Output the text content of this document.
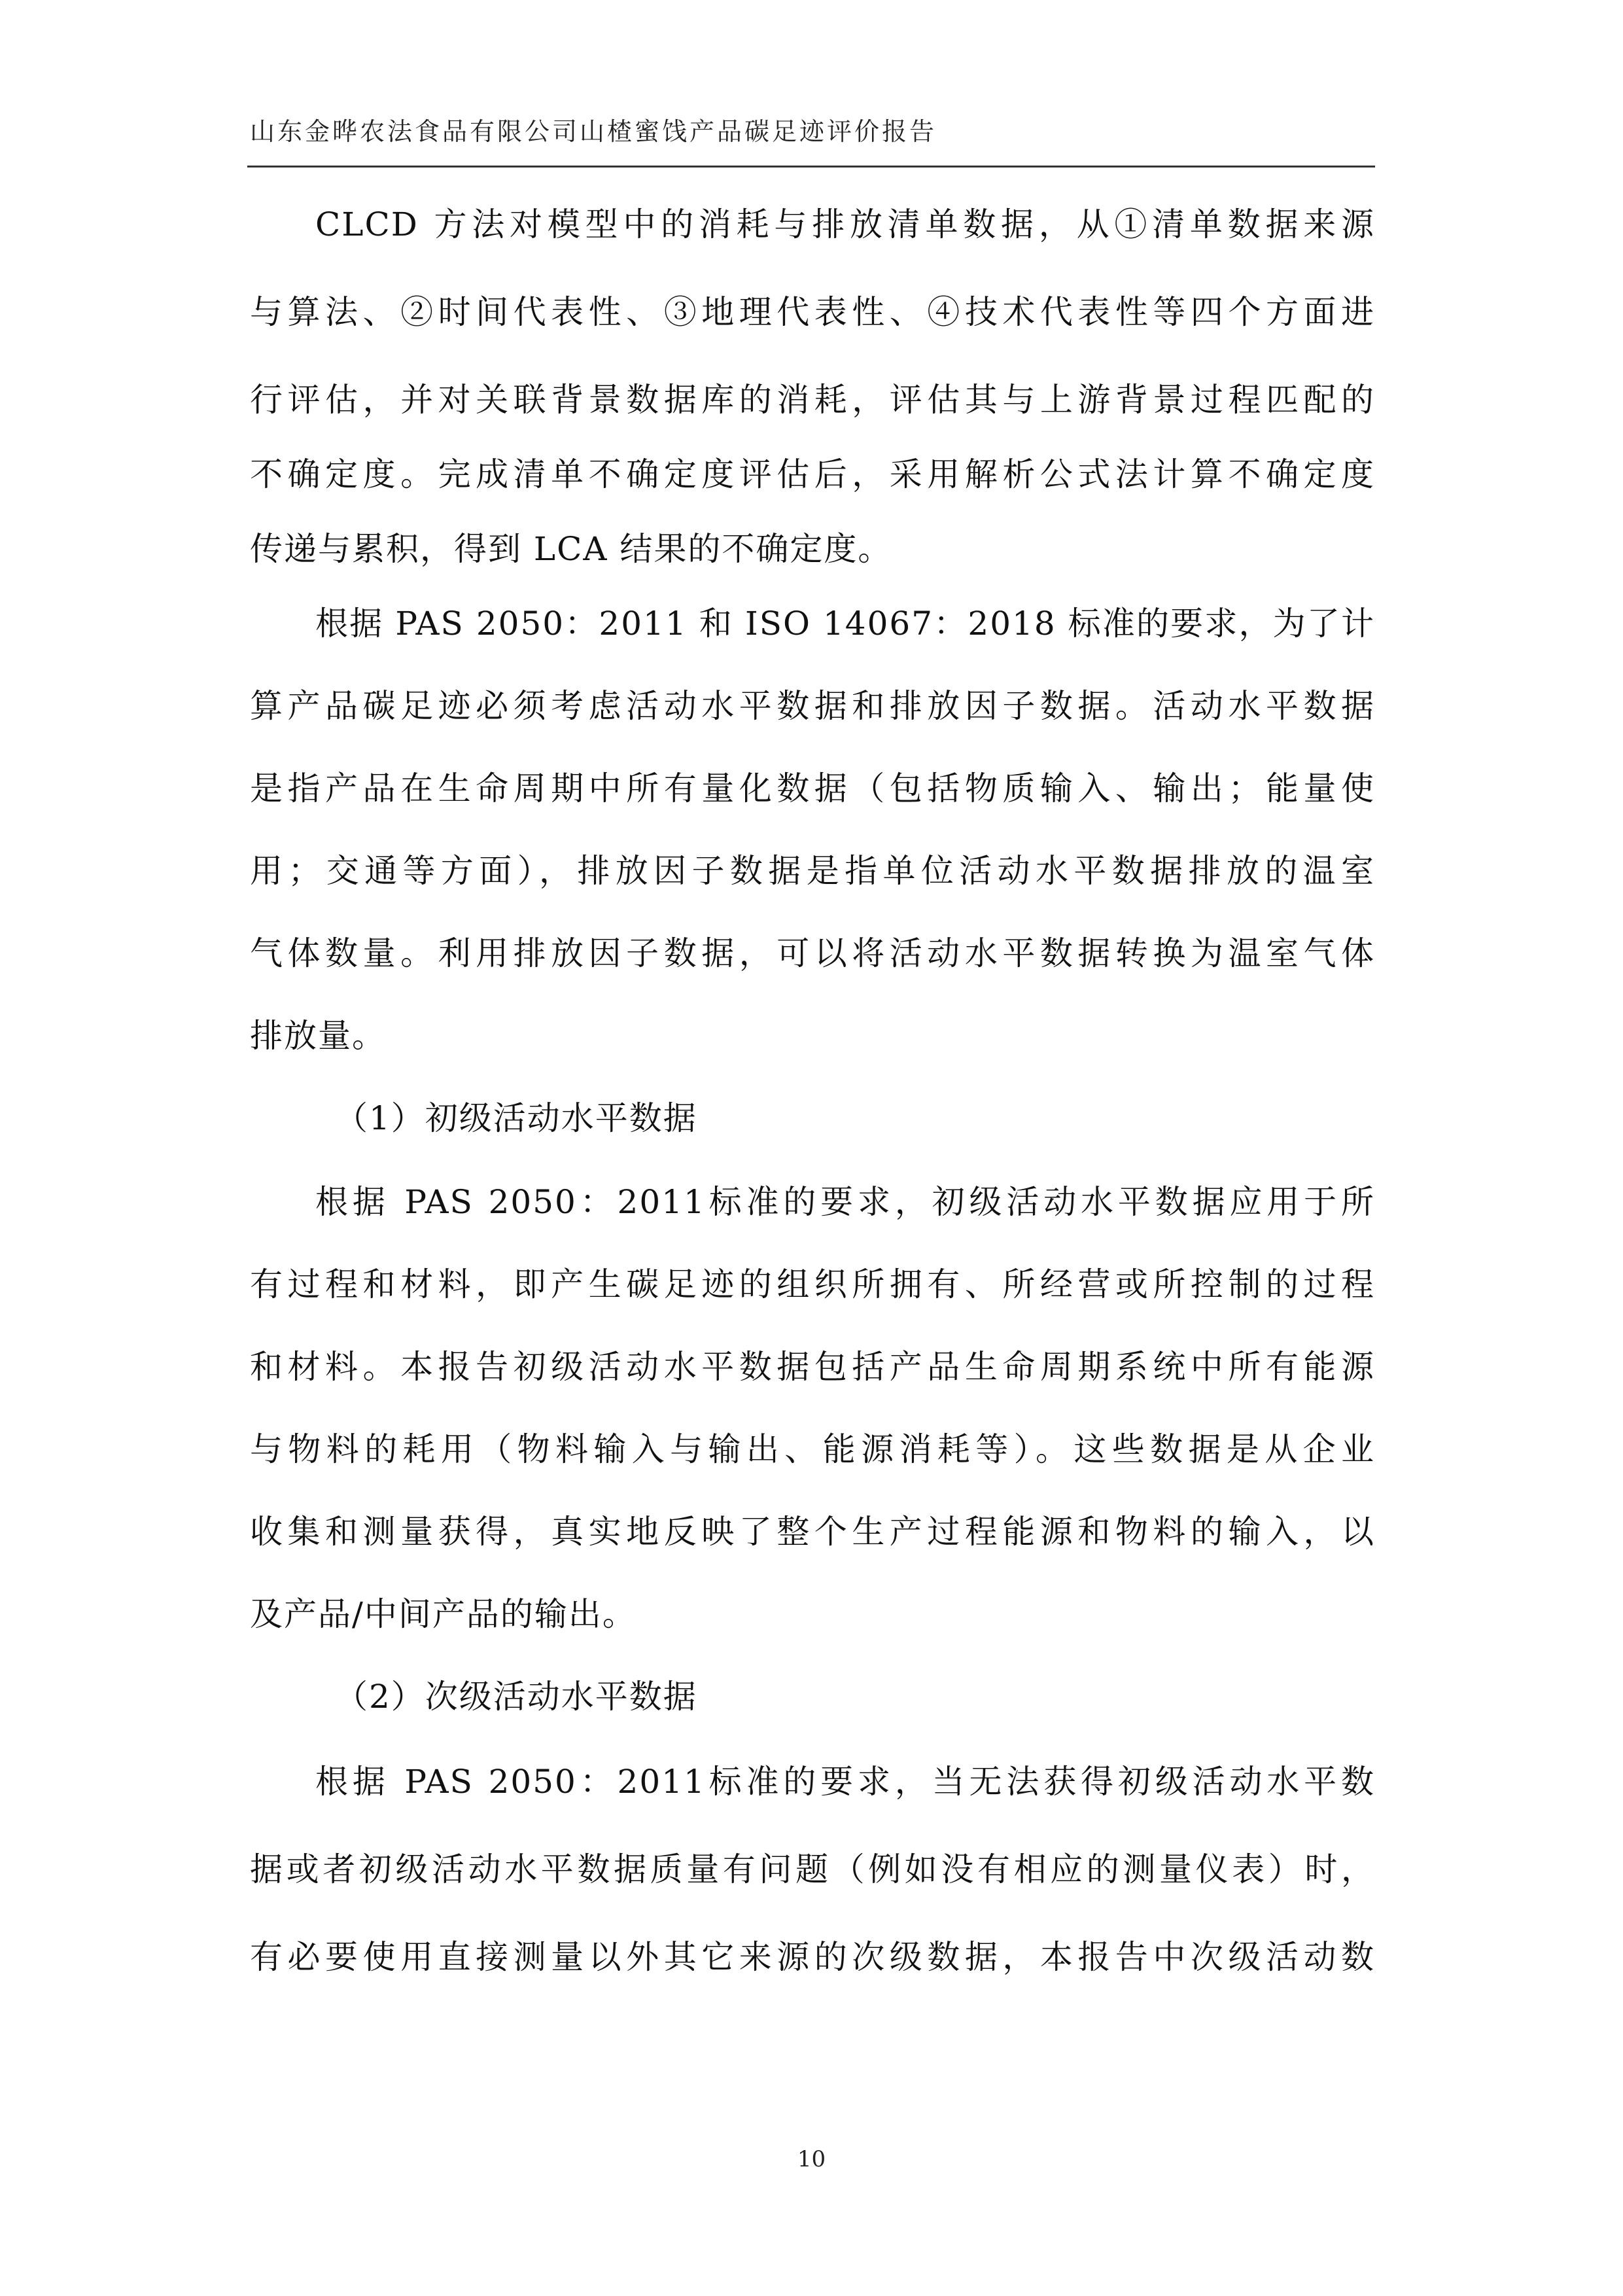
山东金晔农法食品有限公司山楂蜜饯产品碳足迹评价报告
CLCD 方法对模型中的消耗与排放清单数据，从①清单数据来源
与算法、②时间代表性、③地理代表性、④技术代表性等四个方面进
行评估，并对关联背景数据库的消耗，评估其与上游背景过程匹配的
不确定度。完成清单不确定度评估后，采用解析公式法计算不确定度
传递与累积，得到 LCA 结果的不确定度。
根据 PAS 2050：2011 和 ISO 14067：2018 标准的要求，为了计
算产品碳足迹必须考虑活动水平数据和排放因子数据。活动水平数据
是指产品在生命周期中所有量化数据（包括物质输入、输出；能量使
用；交通等方面），排放因子数据是指单位活动水平数据排放的温室
气体数量。利用排放因子数据，可以将活动水平数据转换为温室气体
排放量。
（1）初级活动水平数据
根据 PAS 2050：2011标准的要求，初级活动水平数据应用于所
有过程和材料，即产生碳足迹的组织所拥有、所经营或所控制的过程
和材料。本报告初级活动水平数据包括产品生命周期系统中所有能源
与物料的耗用（物料输入与输出、能源消耗等）。这些数据是从企业
收集和测量获得，真实地反映了整个生产过程能源和物料的输入，以
及产品/中间产品的输出。
（2）次级活动水平数据
根据 PAS 2050：2011标准的要求，当无法获得初级活动水平数
据或者初级活动水平数据质量有问题（例如没有相应的测量仪表）时，
有必要使用直接测量以外其它来源的次级数据，本报告中次级活动数
10
